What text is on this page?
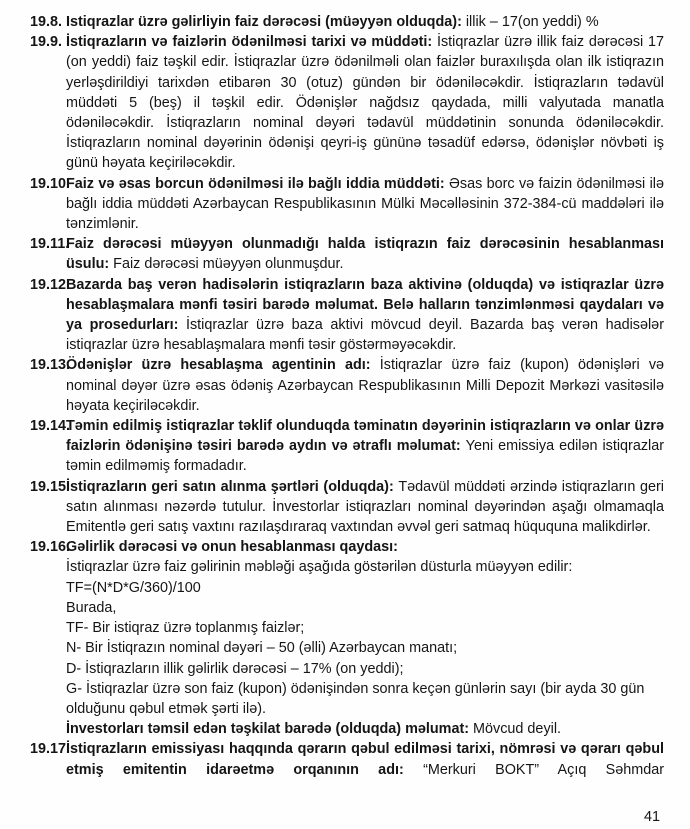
19.8. Istiqrazlar üzrə gəlirliyin faiz dərəcəsi (müəyyən olduqda): illik – 17(on yeddi) %
19.9. İstiqrazların və faizlərin ödənilməsi tarixi və müddəti: İstiqrazlar üzrə illik faiz dərəcəsi 17 (on yeddi) faiz təşkil edir. İstiqrazlar üzrə ödənilməli olan faizlər buraxılışda olan ilk istiqrazın yerləşdirildiyi tarixdən etibarən 30 (otuz) gündən bir ödəniləcəkdir. İstiqrazların tədavül müddəti 5 (beş) il təşkil edir. Ödənişlər nağdsız qaydada, milli valyutada manatla ödəniləcəkdir. İstiqrazların nominal dəyəri tədavül müddətinin sonunda ödəniləcəkdir. İstiqrazların nominal dəyərinin ödənişi qeyri-iş gününə təsadüf edərsə, ödənişlər növbəti iş günü həyata keçiriləcəkdir.
19.10.
Faiz və əsas borcun ödənilməsi ilə bağlı iddia müddəti: Əsas borc və faizin ödənilməsi ilə bağlı iddia müddəti Azərbaycan Respublikasının Mülki Məcəlləsinin 372-384-cü maddələri ilə tənzimlənir.
19.11.
Faiz dərəcəsi müəyyən olunmadığı halda istiqrazın faiz dərəcəsinin hesablanması üsulu: Faiz dərəcəsi müəyyən olunmuşdur.
19.12.
Bazarda baş verən hadisələrin istiqrazların baza aktivinə (olduqda) və istiqrazlar üzrə hesablaşmalara mənfi təsiri barədə məlumat. Belə halların tənzimlənməsi qaydaları və ya prosedurları: İstiqrazlar üzrə baza aktivi mövcud deyil. Bazarda baş verən hadisələr istiqrazlar üzrə hesablaşmalara mənfi təsir göstərməyəcəkdir.
19.13.
Ödənişlər üzrə hesablaşma agentinin adı: İstiqrazlar üzrə faiz (kupon) ödənişləri və nominal dəyər üzrə əsas ödəniş Azərbaycan Respublikasının Milli Depozit Mərkəzi vasitəsilə həyata keçiriləcəkdir.
19.14.
Təmin edilmiş istiqrazlar təklif olunduqda təminatın dəyərinin istiqrazların və onlar üzrə faizlərin ödənişinə təsiri barədə aydın və ətraflı məlumat: Yeni emissiya edilən istiqrazlar təmin edilməmiş formadadır.
19.15.
İstiqrazların geri satın alınma şərtləri (olduqda): Tədavül müddəti ərzində istiqrazların geri satın alınması nəzərdə tutulur. İnvestorlar istiqrazları nominal dəyərindən aşağı olmamaqla Emitentlə geri satış vaxtını razılaşdıraraq vaxtından əvvəl geri satmaq hüququna malikdirlər.
19.16.
Gəlirlik dərəcəsi və onun hesablanması qaydası:
İstiqrazlar üzrə faiz gəlirinin məbləği aşağıda göstərilən düsturla müəyyən edilir:
TF=(N*D*G/360)/100
Burada,
TF- Bir istiqraz üzrə toplanmış faizlər;
N- Bir İstiqrazın nominal dəyəri – 50 (əlli) Azərbaycan manatı;
D- İstiqrazların illik gəlirlik dərəcəsi – 17% (on yeddi);
G- İstiqrazlar üzrə son faiz (kupon) ödənişindən sonra keçən günlərin sayı (bir ayda 30 gün olduğunu qəbul etmək şərti ilə).
İnvestorları təmsil edən təşkilat barədə (olduqda) məlumat: Mövcud deyil.
19.17.
İstiqrazların emissiyası haqqında qərarın qəbul edilməsi tarixi, nömrəsi və qərarı qəbul etmiş emitentin idarəetmə orqanının adı: “Merkuri BOKT” Açıq Səhmdar
41
